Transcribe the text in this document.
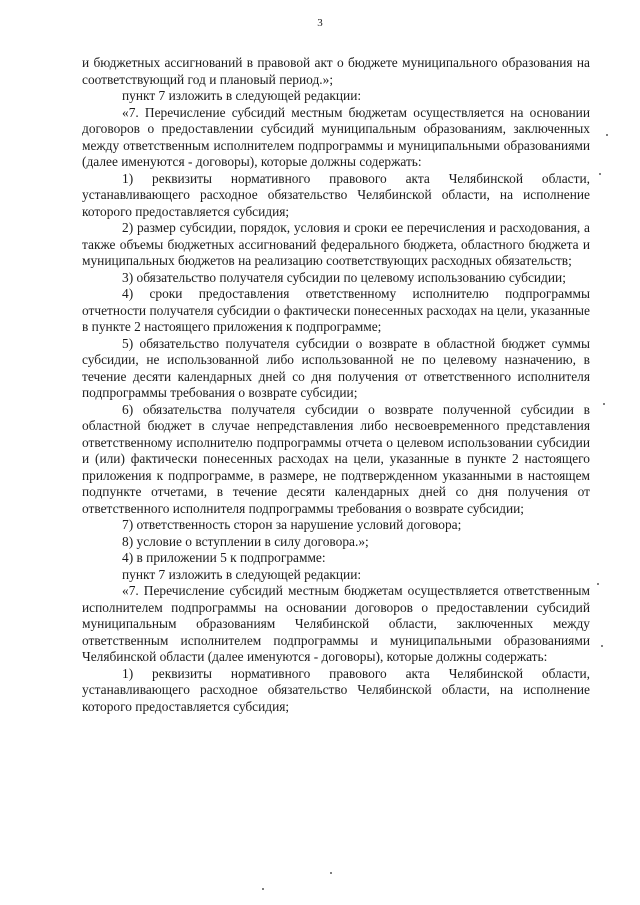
3

и бюджетных ассигнований в правовой акт о бюджете муниципального образования на соответствующий год и плановый период.»;

пункт 7 изложить в следующей редакции:

«7. Перечисление субсидий местным бюджетам осуществляется на основании договоров о предоставлении субсидий муниципальным образованиям, заключенных между ответственным исполнителем подпрограммы и муниципальными образованиями (далее именуются - договоры), которые должны содержать:

1) реквизиты нормативного правового акта Челябинской области, устанавливающего расходное обязательство Челябинской области, на исполнение которого предоставляется субсидия;

2) размер субсидии, порядок, условия и сроки ее перечисления и расходования, а также объемы бюджетных ассигнований федерального бюджета, областного бюджета и муниципальных бюджетов на реализацию соответствующих расходных обязательств;

3) обязательство получателя субсидии по целевому использованию субсидии;

4) сроки предоставления ответственному исполнителю подпрограммы отчетности получателя субсидии о фактически понесенных расходах на цели, указанные в пункте 2 настоящего приложения к подпрограмме;

5) обязательство получателя субсидии о возврате в областной бюджет суммы субсидии, не использованной либо использованной не по целевому назначению, в течение десяти календарных дней со дня получения от ответственного исполнителя подпрограммы требования о возврате субсидии;

6) обязательства получателя субсидии о возврате полученной субсидии в областной бюджет в случае непредставления либо несвоевременного представления ответственному исполнителю подпрограммы отчета о целевом использовании субсидии и (или) фактически понесенных расходах на цели, указанные в пункте 2 настоящего приложения к подпрограмме, в размере, не подтвержденном указанными в настоящем подпункте отчетами, в течение десяти календарных дней со дня получения от ответственного исполнителя подпрограммы требования о возврате субсидии;

7) ответственность сторон за нарушение условий договора;

8) условие о вступлении в силу договора.»;

4) в приложении 5 к подпрограмме:

пункт 7 изложить в следующей редакции:

«7. Перечисление субсидий местным бюджетам осуществляется ответственным исполнителем подпрограммы на основании договоров о предоставлении субсидий муниципальным образованиям Челябинской области, заключенных между ответственным исполнителем подпрограммы и муниципальными образованиями Челябинской области (далее именуются - договоры), которые должны содержать:

1) реквизиты нормативного правового акта Челябинской области, устанавливающего расходное обязательство Челябинской области, на исполнение которого предоставляется субсидия;
